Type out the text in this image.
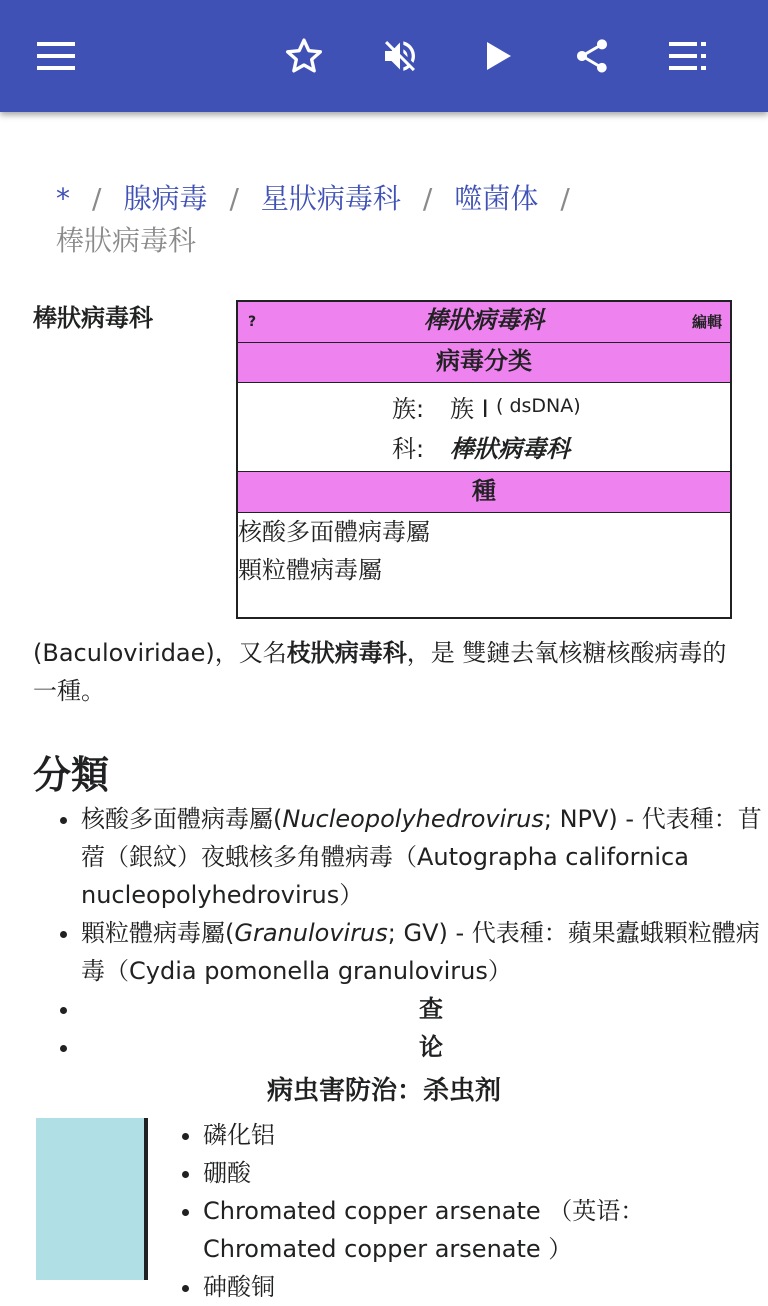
* / 腺病毒 / 星狀病毒科 / 噬菌体 /
棒狀病毒科
棒狀病毒科	?	棒狀病毒科	編輯
病毒分类
族: 族 I ( dsDNA)
科: 棒狀病毒科
種
核酸多面體病毒屬
顆粒體病毒屬
(Baculoviridae)，又名枝狀病毒科，是 雙鏈去氧核糖核酸病毒的一種。
分類
• 核酸多面體病毒屬(Nucleopolyhedrovirus; NPV) - 代表種：苜蓿（銀紋）夜蛾核多角體病毒（Autographa californica nucleopolyhedrovirus）
• 顆粒體病毒屬(Granulovirus; GV) - 代表種：蘋果蠹蛾顆粒體病毒（Cydia pomonella granulovirus）
• 查
• 论
病虫害防治：杀虫剂
• 磷化铝
• 硼酸
• Chromated copper arsenate （英语：Chromated copper arsenate ）
• 砷酸铜
